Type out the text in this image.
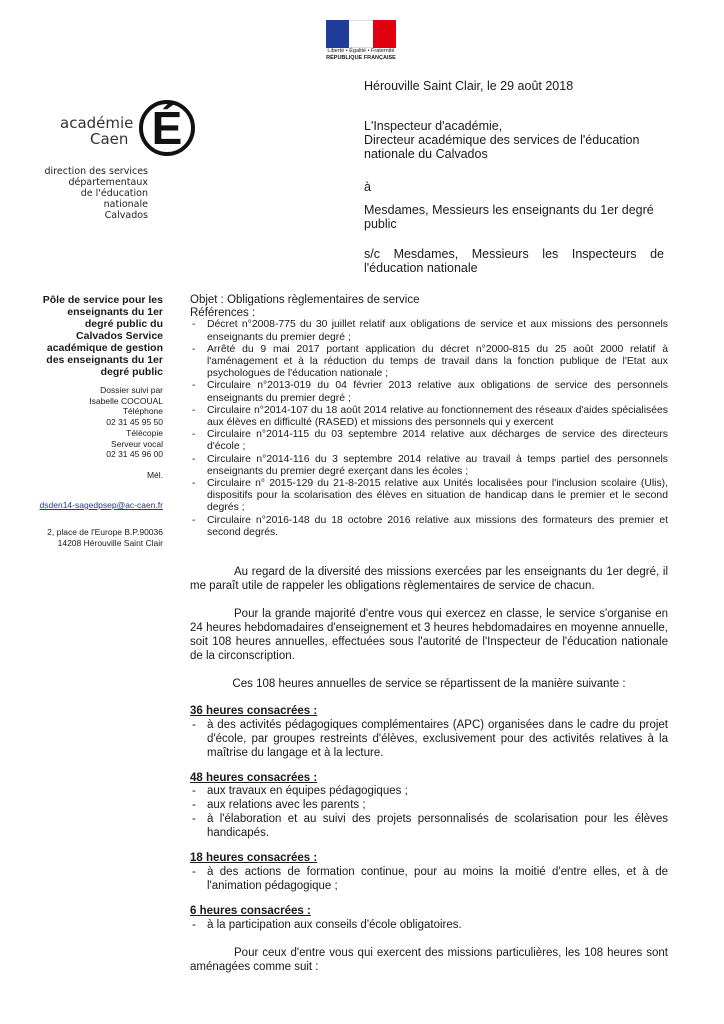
Liberté • Égalité • Fraternité
RÉPUBLIQUE FRANÇAISE
académie
Caen É
direction des services
départementaux
de l'éducation nationale
Calvados
Hérouville Saint Clair, le 29 août 2018
L'Inspecteur d'académie,
Directeur académique des services de l'éducation nationale du Calvados
à
Mesdames, Messieurs les enseignants du 1er degré public
s/c Mesdames, Messieurs les Inspecteurs de l'éducation nationale
Pôle de service pour les enseignants du 1er degré public du Calvados Service académique de gestion des enseignants du 1er degré public
Dossier suivi par
Isabelle COCOUAL
Téléphone
02 31 45 95 50
Télécopie
Serveur vocal
02 31 45 96 00
Mél.
dsden14-sagedpsep@ac-caen.fr
2, place de l'Europe B.P.90036
14208 Hérouville Saint Clair
Objet : Obligations règlementaires de service
Références :
- Décret n°2008-775 du 30 juillet relatif aux obligations de service et aux missions des personnels enseignants du premier degré ;
- Arrêté du 9 mai 2017 portant application du décret n°2000-815 du 25 août 2000 relatif à l'aménagement et à la réduction du temps de travail dans la fonction publique de l'Etat aux psychologues de l'éducation nationale ;
- Circulaire n°2013-019 du 04 février 2013 relative aux obligations de service des personnels enseignants du premier degré ;
- Circulaire n°2014-107 du 18 août 2014 relative au fonctionnement des réseaux d'aides spécialisées aux élèves en difficulté (RASED) et missions des personnels qui y exercent
- Circulaire n°2014-115 du 03 septembre 2014 relative aux décharges de service des directeurs d'école ;
- Circulaire n°2014-116 du 3 septembre 2014 relative au travail à temps partiel des personnels enseignants du premier degré exerçant dans les écoles ;
- Circulaire n° 2015-129 du 21-8-2015 relative aux Unités localisées pour l'inclusion scolaire (Ulis), dispositifs pour la scolarisation des élèves en situation de handicap dans le premier et le second degrés ;
- Circulaire n°2016-148 du 18 octobre 2016 relative aux missions des formateurs des premier et second degrés.
Au regard de la diversité des missions exercées par les enseignants du 1er degré, il me paraît utile de rappeler les obligations règlementaires de service de chacun.
Pour la grande majorité d'entre vous qui exercez en classe, le service s'organise en 24 heures hebdomadaires d'enseignement et 3 heures hebdomadaires en moyenne annuelle, soit 108 heures annuelles, effectuées sous l'autorité de l'Inspecteur de l'éducation nationale de la circonscription.
Ces 108 heures annuelles de service se répartissent de la manière suivante :
36 heures consacrées :
- à des activités pédagogiques complémentaires (APC) organisées dans le cadre du projet d'école, par groupes restreints d'élèves, exclusivement pour des activités relatives à la maîtrise du langage et à la lecture.
48 heures consacrées :
- aux travaux en équipes pédagogiques ;
- aux relations avec les parents ;
- à l'élaboration et au suivi des projets personnalisés de scolarisation pour les élèves handicapés.
18 heures consacrées :
- à des actions de formation continue, pour au moins la moitié d'entre elles, et à de l'animation pédagogique ;
6 heures consacrées :
- à la participation aux conseils d'école obligatoires.
Pour ceux d'entre vous qui exercent des missions particulières, les 108 heures sont aménagées comme suit :
